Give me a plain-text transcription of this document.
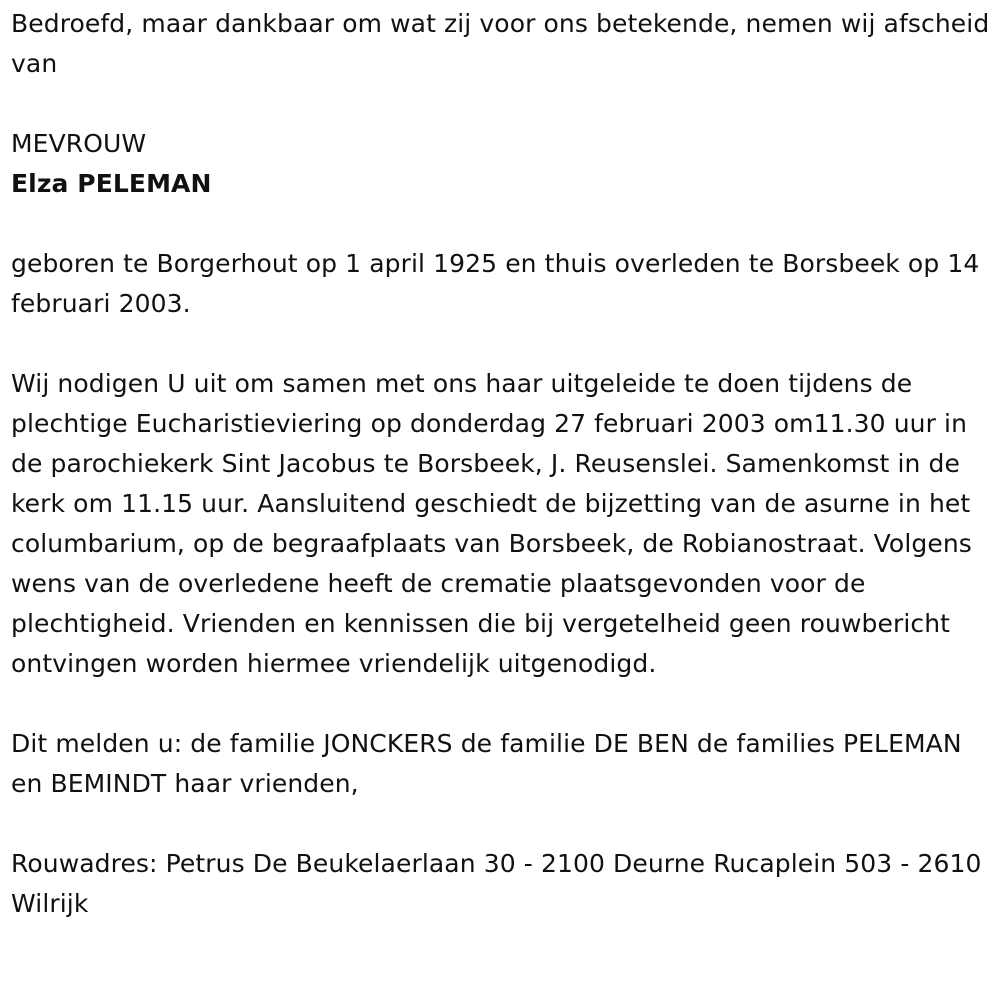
Bedroefd, maar dankbaar om wat zij voor ons betekende, nemen wij afscheid van

MEVROUW

Elza PELEMAN

geboren te Borgerhout op 1 april 1925 en thuis overleden te Borsbeek op 14 februari 2003.

Wij nodigen U uit om samen met ons haar uitgeleide te doen tijdens de plechtige Eucharistieviering op donderdag 27 februari 2003 om11.30 uur in de parochiekerk Sint Jacobus te Borsbeek, J. Reusenslei. Samenkomst in de kerk om 11.15 uur. Aansluitend geschiedt de bijzetting van de asurne in het columbarium, op de begraafplaats van Borsbeek, de Robianostraat. Volgens wens van de overledene heeft de crematie plaatsgevonden voor de plechtigheid. Vrienden en kennissen die bij vergetelheid geen rouwbericht ontvingen worden hiermee vriendelijk uitgenodigd.

Dit melden u: de familie JONCKERS de familie DE BEN de families PELEMAN en BEMINDT haar vrienden,

Rouwadres: Petrus De Beukelaerlaan 30 - 2100 Deurne Rucaplein 503 - 2610 Wilrijk
